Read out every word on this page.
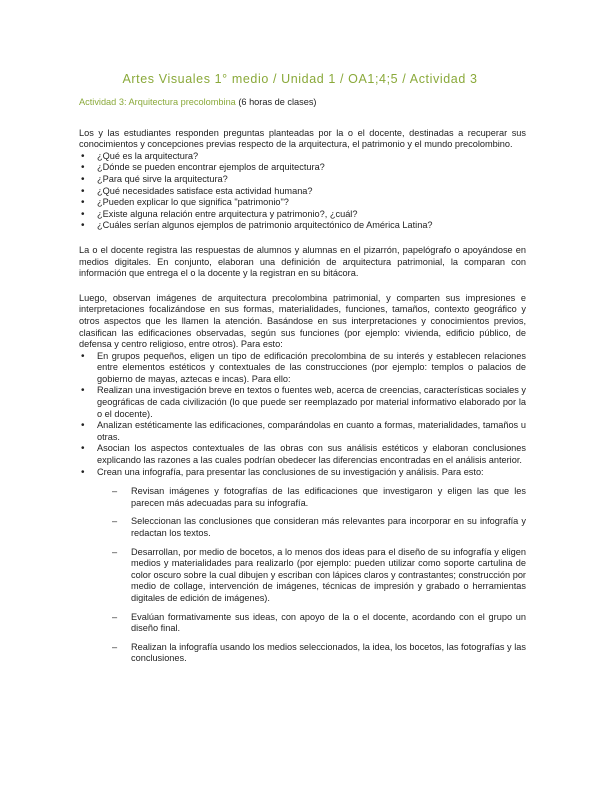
Artes Visuales 1° medio / Unidad 1 / OA1;4;5 / Actividad 3
Actividad 3: Arquitectura precolombina (6 horas de clases)

Los y las estudiantes responden preguntas planteadas por la o el docente, destinadas a recuperar sus conocimientos y concepciones previas respecto de la arquitectura, el patrimonio y el mundo precolombino.

• ¿Qué es la arquitectura?
• ¿Dónde se pueden encontrar ejemplos de arquitectura?
• ¿Para qué sirve la arquitectura?
• ¿Qué necesidades satisface esta actividad humana?
• ¿Pueden explicar lo que significa "patrimonio"?
• ¿Existe alguna relación entre arquitectura y patrimonio?, ¿cuál?
• ¿Cuáles serían algunos ejemplos de patrimonio arquitectónico de América Latina?

La o el docente registra las respuestas de alumnos y alumnas en el pizarrón, papelógrafo o apoyándose en medios digitales. En conjunto, elaboran una definición de arquitectura patrimonial, la comparan con información que entrega el o la docente y la registran en su bitácora.

Luego, observan imágenes de arquitectura precolombina patrimonial, y comparten sus impresiones e interpretaciones focalizándose en sus formas, materialidades, funciones, tamaños, contexto geográfico y otros aspectos que les llamen la atención. Basándose en sus interpretaciones y conocimientos previos, clasifican las edificaciones observadas, según sus funciones (por ejemplo: vivienda, edificio público, de defensa y centro religioso, entre otros). Para esto:

• En grupos pequeños, eligen un tipo de edificación precolombina de su interés y establecen relaciones entre elementos estéticos y contextuales de las construcciones (por ejemplo: templos o palacios de gobierno de mayas, aztecas e incas). Para ello:
• Realizan una investigación breve en textos o fuentes web, acerca de creencias, características sociales y geográficas de cada civilización (lo que puede ser reemplazado por material informativo elaborado por la o el docente).
• Analizan estéticamente las edificaciones, comparándolas en cuanto a formas, materialidades, tamaños u otras.
• Asocian los aspectos contextuales de las obras con sus análisis estéticos y elaboran conclusiones explicando las razones a las cuales podrían obedecer las diferencias encontradas en el análisis anterior.
• Crean una infografía, para presentar las conclusiones de su investigación y análisis. Para esto:
– Revisan imágenes y fotografías de las edificaciones que investigaron y eligen las que les parecen más adecuadas para su infografía.
– Seleccionan las conclusiones que consideran más relevantes para incorporar en su infografía y redactan los textos.
– Desarrollan, por medio de bocetos, a lo menos dos ideas para el diseño de su infografía y eligen medios y materialidades para realizarlo (por ejemplo: pueden utilizar como soporte cartulina de color oscuro sobre la cual dibujen y escriban con lápices claros y contrastantes; construcción por medio de collage, intervención de imágenes, técnicas de impresión y grabado o herramientas digitales de edición de imágenes).
– Evalúan formativamente sus ideas, con apoyo de la o el docente, acordando con el grupo un diseño final.
– Realizan la infografía usando los medios seleccionados, la idea, los bocetos, las fotografías y las conclusiones.
